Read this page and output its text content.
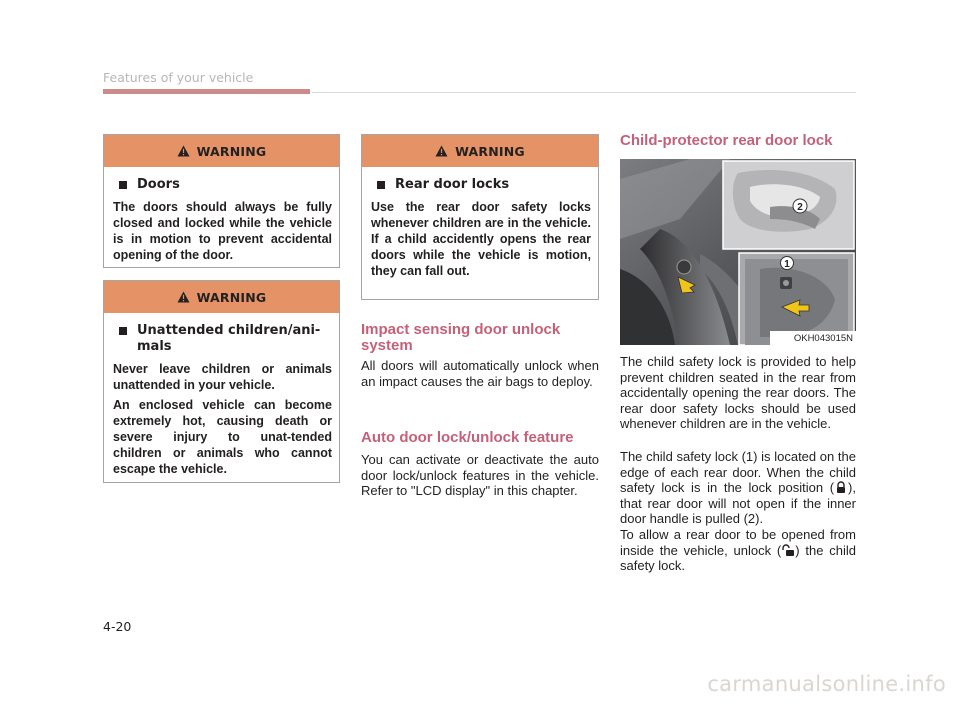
Features of your vehicle
WARNING
Doors

The doors should always be fully closed and locked while the vehicle is in motion to prevent accidental opening of the door.

WARNING
Unattended children/ani-mals

Never leave children or animals unattended in your vehicle.

An enclosed vehicle can become extremely hot, causing death or severe injury to unat-tended children or animals who cannot escape the vehicle.

WARNING
Rear door locks

Use the rear door safety locks whenever children are in the vehicle. If a child accidently opens the rear doors while the vehicle is motion, they can fall out.

Impact sensing door unlock system

All doors will automatically unlock when an impact causes the air bags to deploy.

Auto door lock/unlock feature

You can activate or deactivate the auto door lock/unlock features in the vehicle. Refer to "LCD display" in this chapter.

Child-protector rear door lock
2
1
OKH043015N

The child safety lock is provided to help prevent children seated in the rear from accidentally opening the rear doors. The rear door safety locks should be used whenever children are in the vehicle.

The child safety lock (1) is located on the edge of each rear door. When the child safety lock is in the lock position ( ), that rear door will not open if the inner door handle is pulled (2).

To allow a rear door to be opened from inside the vehicle, unlock ( ) the child safety lock.

4-20
carmanualsonline.info
